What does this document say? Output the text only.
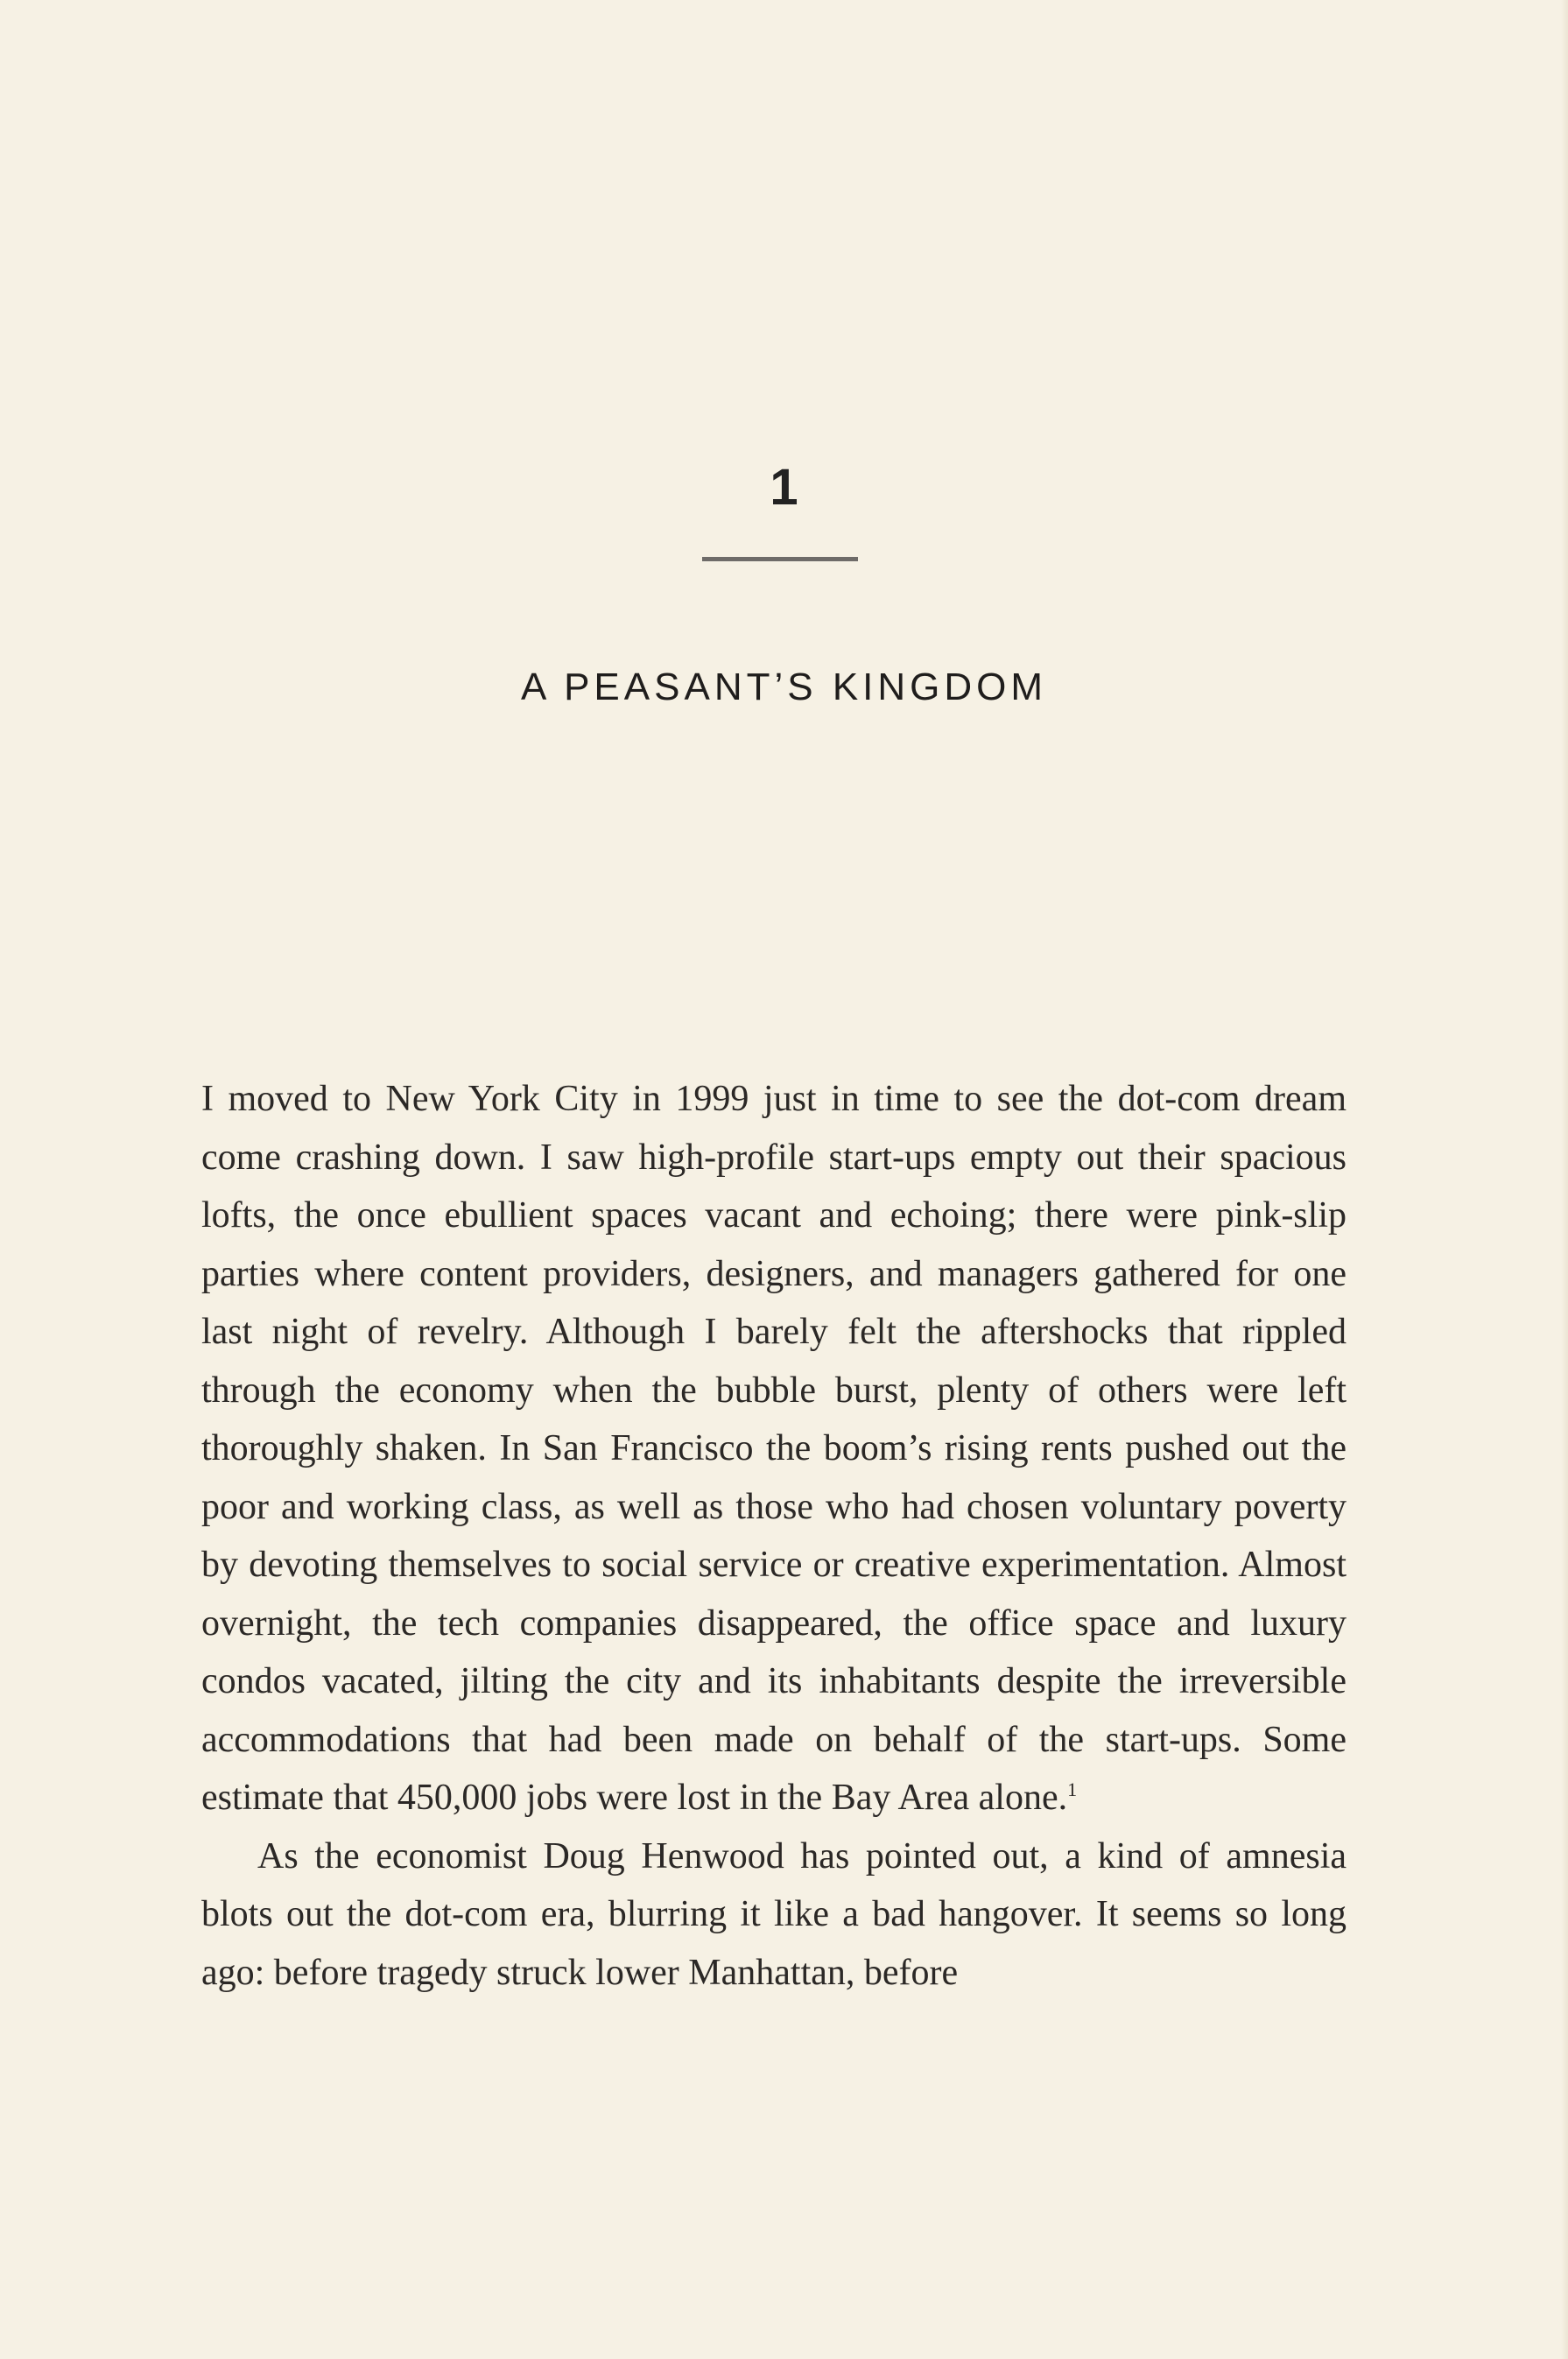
1
A PEASANT’S KINGDOM

I moved to New York City in 1999 just in time to see the dot-com dream come crashing down. I saw high-profile start-ups empty out their spacious lofts, the once ebullient spaces vacant and echoing; there were pink-slip parties where content providers, designers, and managers gathered for one last night of revelry. Although I barely felt the aftershocks that rippled through the economy when the bubble burst, plenty of others were left thoroughly shaken. In San Francisco the boom’s rising rents pushed out the poor and working class, as well as those who had chosen voluntary poverty by devoting themselves to social service or creative experimentation. Almost overnight, the tech companies disappeared, the office space and luxury condos vacated, jilting the city and its inhabitants despite the irreversible accommodations that had been made on behalf of the start-ups. Some estimate that 450,000 jobs were lost in the Bay Area alone.$^1$

As the economist Doug Henwood has pointed out, a kind of amnesia blots out the dot-com era, blurring it like a bad hangover. It seems so long ago: before tragedy struck lower Manhattan, before
